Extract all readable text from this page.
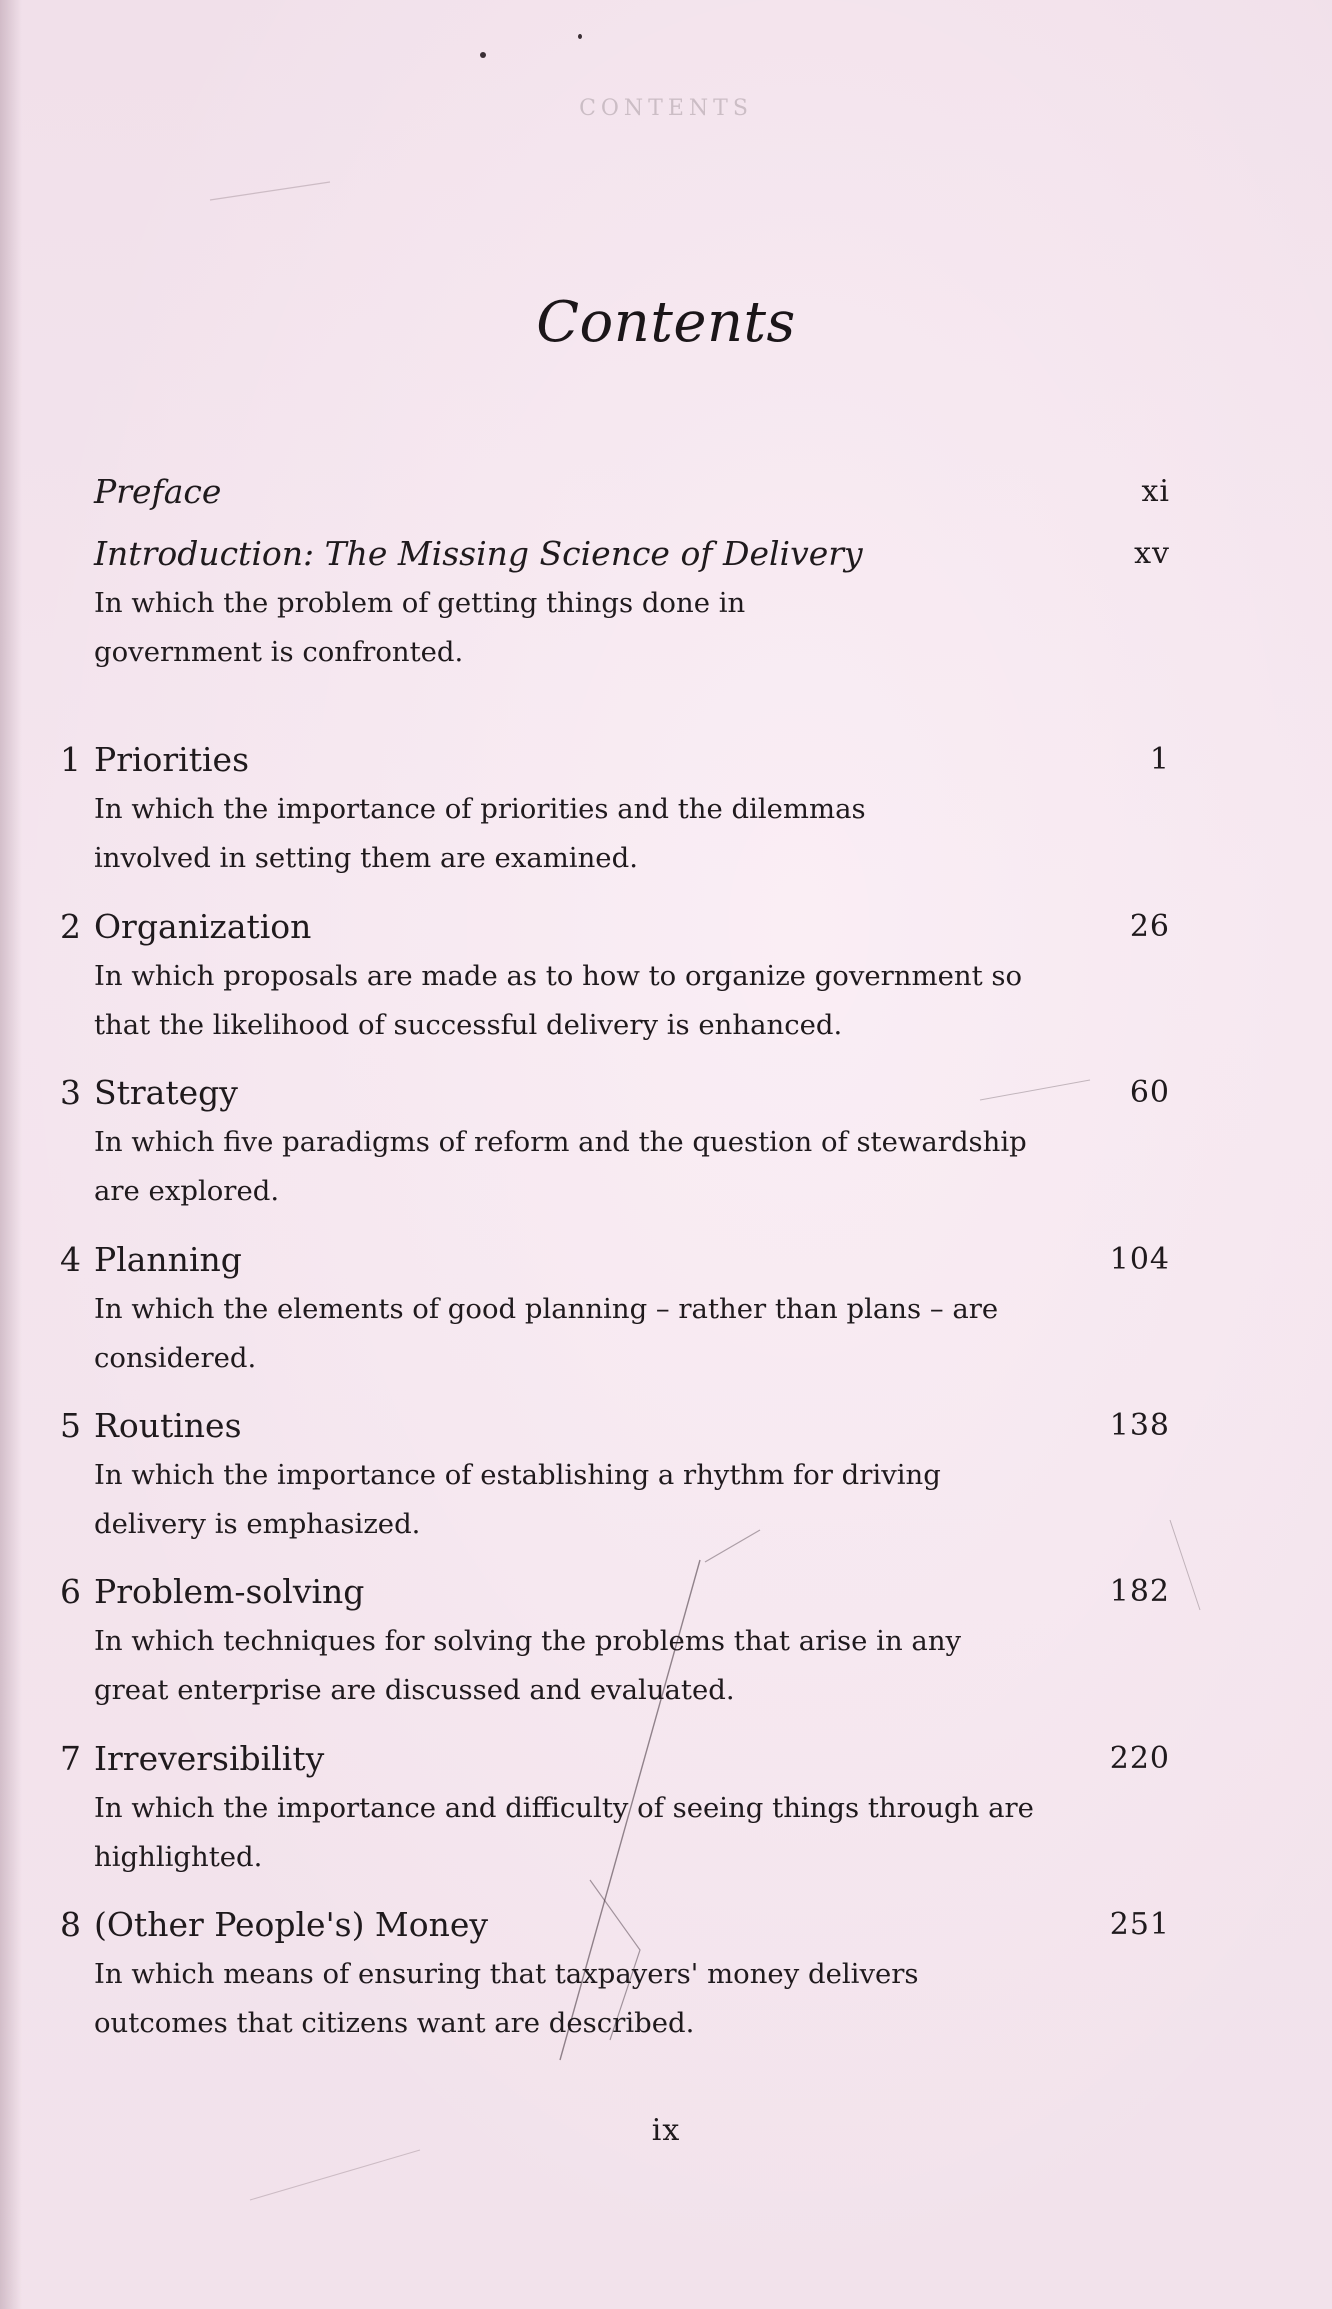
CONTENTS
Contents
Preface	xi
Introduction: The Missing Science of Delivery	xv
In which the problem of getting things done in government is confronted.
1 Priorities	1
In which the importance of priorities and the dilemmas involved in setting them are examined.
2 Organization	26
In which proposals are made as to how to organize government so that the likelihood of successful delivery is enhanced.
3 Strategy	60
In which five paradigms of reform and the question of stewardship are explored.
4 Planning	104
In which the elements of good planning – rather than plans – are considered.
5 Routines	138
In which the importance of establishing a rhythm for driving delivery is emphasized.
6 Problem-solving	182
In which techniques for solving the problems that arise in any great enterprise are discussed and evaluated.
7 Irreversibility	220
In which the importance and difficulty of seeing things through are highlighted.
8 (Other People's) Money	251
In which means of ensuring that taxpayers' money delivers outcomes that citizens want are described.
ix
